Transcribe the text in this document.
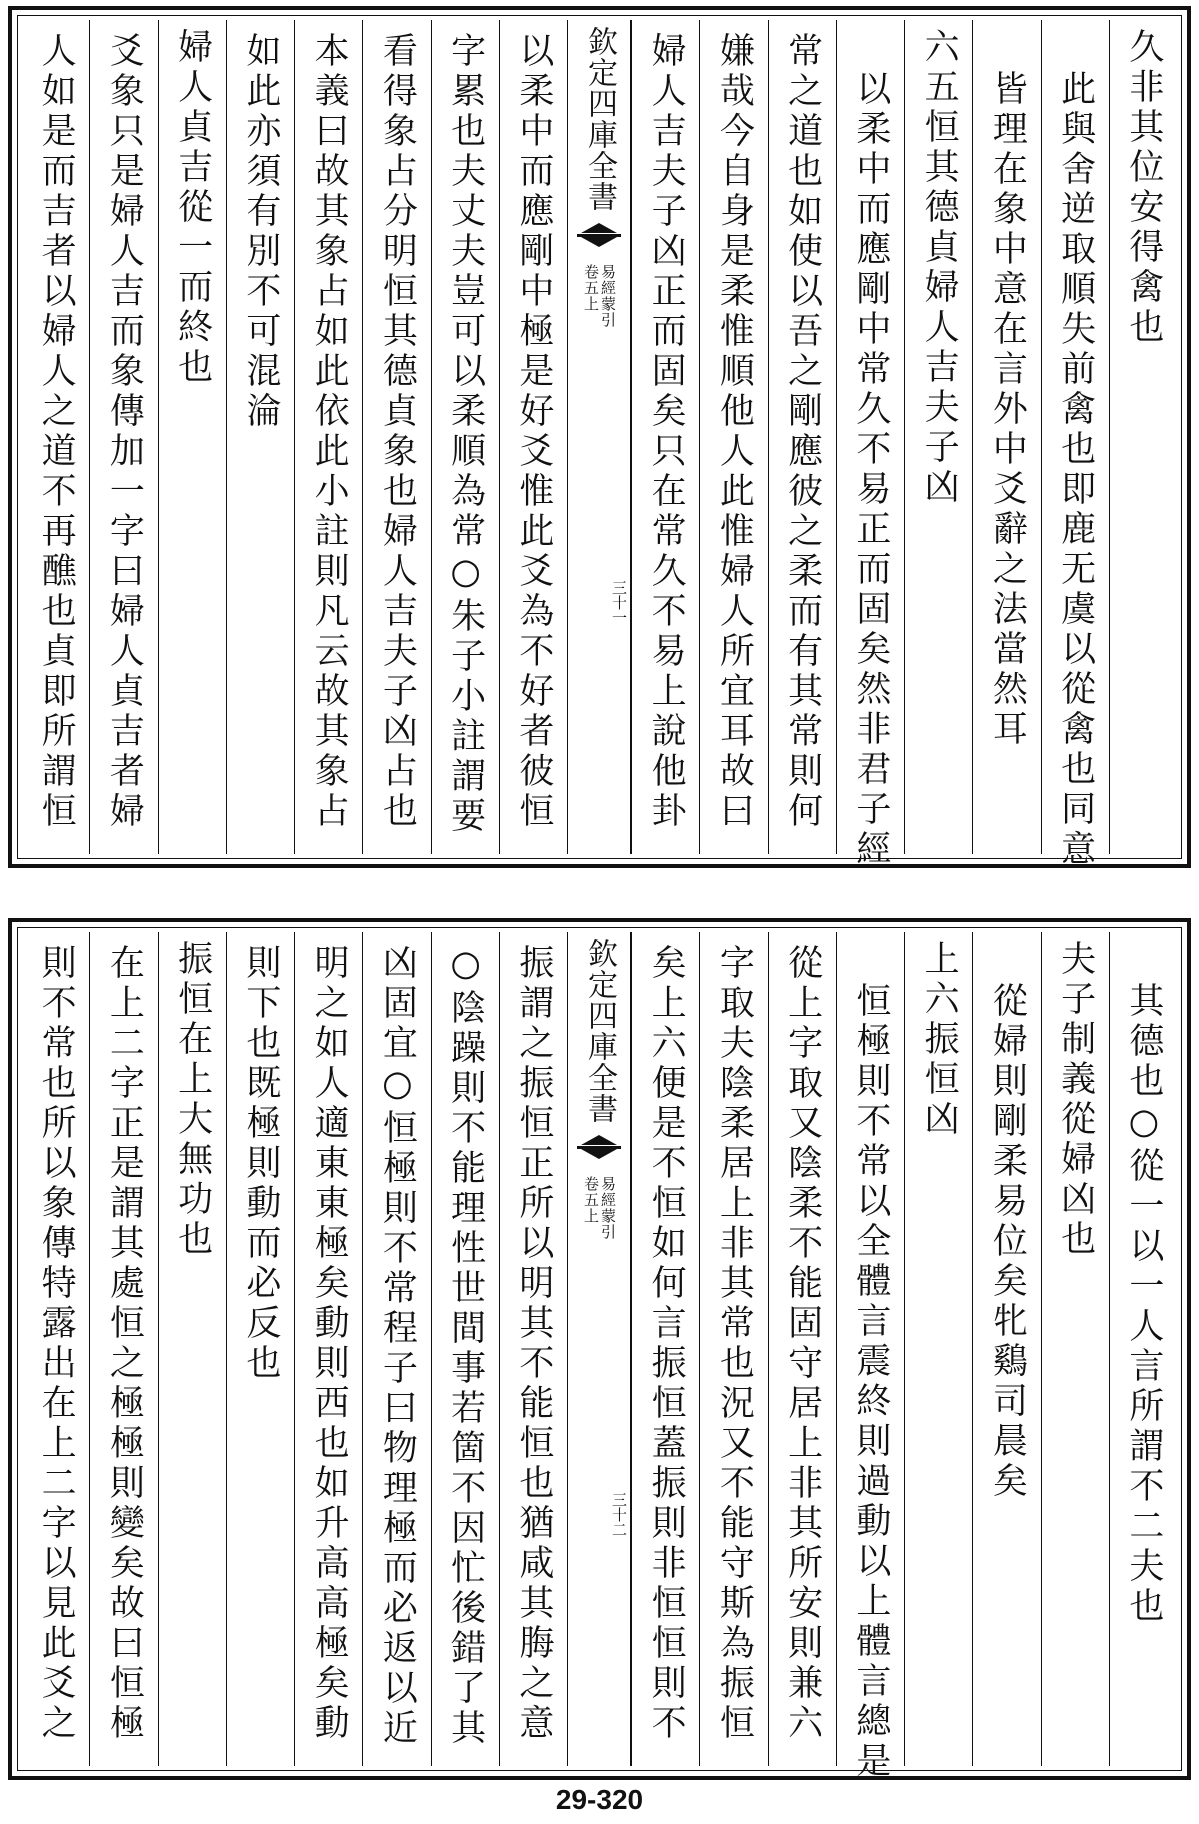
久非其位安得禽也
此與舍逆取順失前禽也即鹿无虞以從禽也同意
皆理在象中意在言外中爻辭之法當然耳
六五恒其德貞婦人吉夫子凶
以柔中而應剛中常久不易正而固矣然非君子經
常之道也如使以吾之剛應彼之柔而有其常則何
嫌哉今自身是柔惟順他人此惟婦人所宜耳故曰
婦人吉夫子凶正而固矣只在常久不易上說他卦
欽定四庫全書
易經蒙引
卷五上
三十一
以柔中而應剛中極是好爻惟此爻為不好者彼恒
字累也夫丈夫豈可以柔順為常○朱子小註謂要
看得象占分明恒其德貞象也婦人吉夫子凶占也
本義曰故其象占如此依此小註則凡云故其象占
如此亦須有別不可混淪
婦人貞吉從一而終也
爻象只是婦人吉而象傳加一字曰婦人貞吉者婦
人如是而吉者以婦人之道不再醮也貞即所謂恒
其德也○從一以一人言所謂不二夫也
夫子制義從婦凶也
從婦則剛柔易位矣牝鷄司晨矣
上六振恒凶
恒極則不常以全體言震終則過動以上體言總是
從上字取又陰柔不能固守居上非其所安則兼六
字取夫陰柔居上非其常也況又不能守斯為振恒
矣上六便是不恒如何言振恒蓋振則非恒恒則不
欽定四庫全書
易經蒙引
卷五上
三十二
振謂之振恒正所以明其不能恒也猶咸其脢之意
○陰躁則不能理性世間事若箇不因忙後錯了其
凶固宜○恒極則不常程子曰物理極而必返以近
明之如人適東東極矣動則西也如升高高極矣動
則下也既極則動而必反也
振恒在上大無功也
在上二字正是謂其處恒之極極則變矣故曰恒極
則不常也所以象傳特露出在上二字以見此爻之
29-320
